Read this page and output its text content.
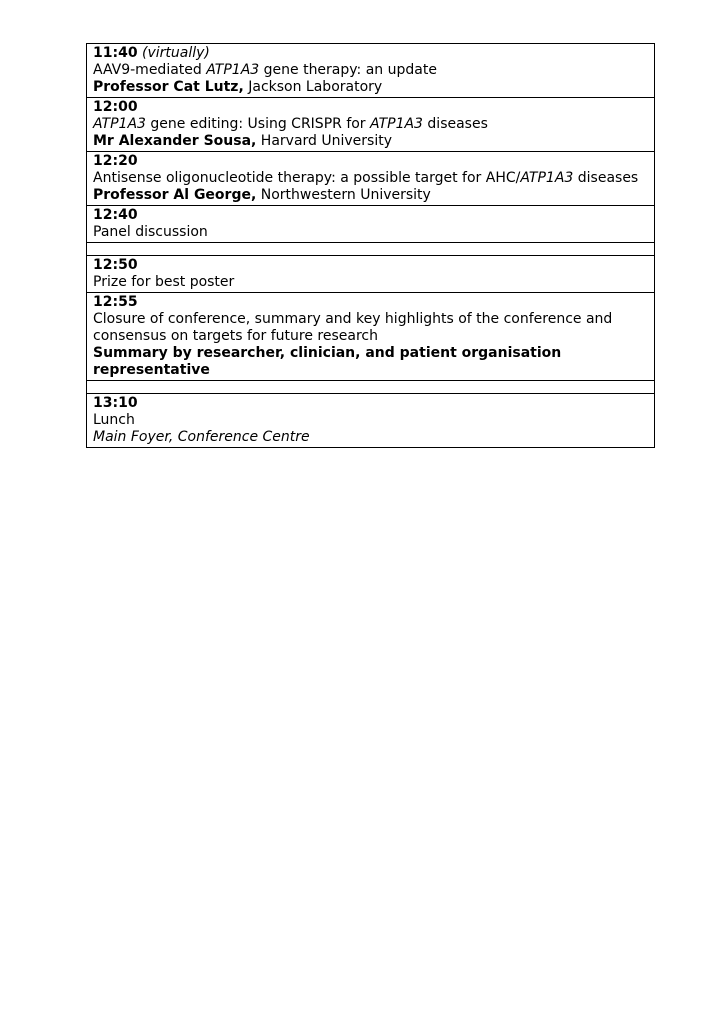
11:40 (virtually)
AAV9-mediated ATP1A3 gene therapy: an update
Professor Cat Lutz, Jackson Laboratory

12:00
ATP1A3 gene editing: Using CRISPR for ATP1A3 diseases
Mr Alexander Sousa, Harvard University

12:20
Antisense oligonucleotide therapy: a possible target for AHC/ATP1A3 diseases
Professor Al George, Northwestern University

12:40
Panel discussion

12:50
Prize for best poster

12:55
Closure of conference, summary and key highlights of the conference and consensus on targets for future research
Summary by researcher, clinician, and patient organisation representative

13:10
Lunch
Main Foyer, Conference Centre
